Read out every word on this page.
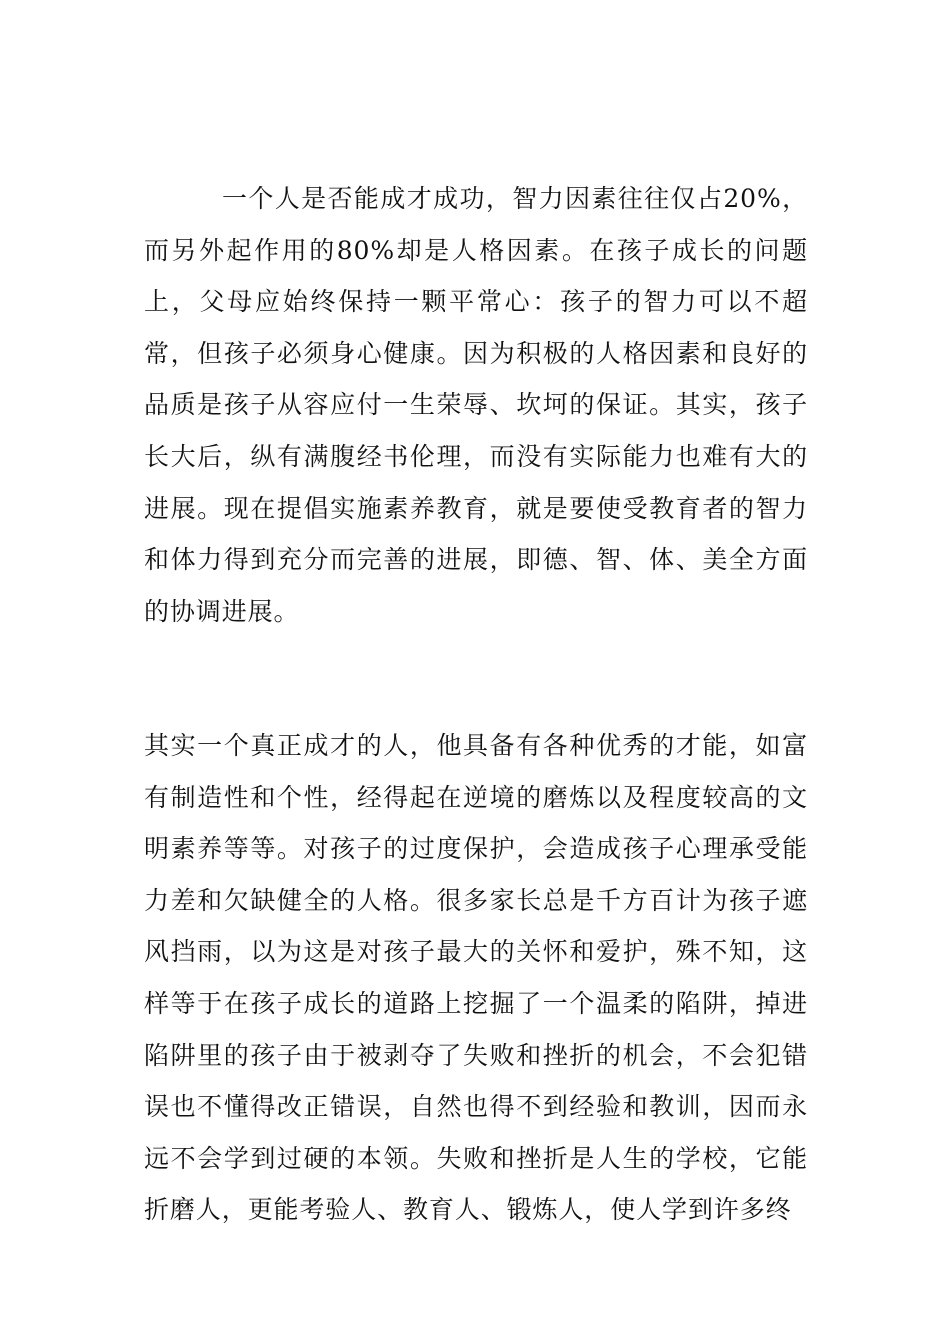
一个人是否能成才成功，智力因素往往仅占20%，而另外起作用的80%却是人格因素。在孩子成长的问题上，父母应始终保持一颗平常心：孩子的智力可以不超常，但孩子必须身心健康。因为积极的人格因素和良好的品质是孩子从容应付一生荣辱、坎坷的保证。其实，孩子长大后，纵有满腹经书伦理，而没有实际能力也难有大的进展。现在提倡实施素养教育，就是要使受教育者的智力和体力得到充分而完善的进展，即德、智、体、美全方面的协调进展。

其实一个真正成才的人，他具备有各种优秀的才能，如富有制造性和个性，经得起在逆境的磨炼以及程度较高的文明素养等等。对孩子的过度保护，会造成孩子心理承受能力差和欠缺健全的人格。很多家长总是千方百计为孩子遮风挡雨，以为这是对孩子最大的关怀和爱护，殊不知，这样等于在孩子成长的道路上挖掘了一个温柔的陷阱，掉进陷阱里的孩子由于被剥夺了失败和挫折的机会，不会犯错误也不懂得改正错误，自然也得不到经验和教训，因而永远不会学到过硬的本领。失败和挫折是人生的学校，它能折磨人，更能考验人、教育人、锻炼人，使人学到许多终
